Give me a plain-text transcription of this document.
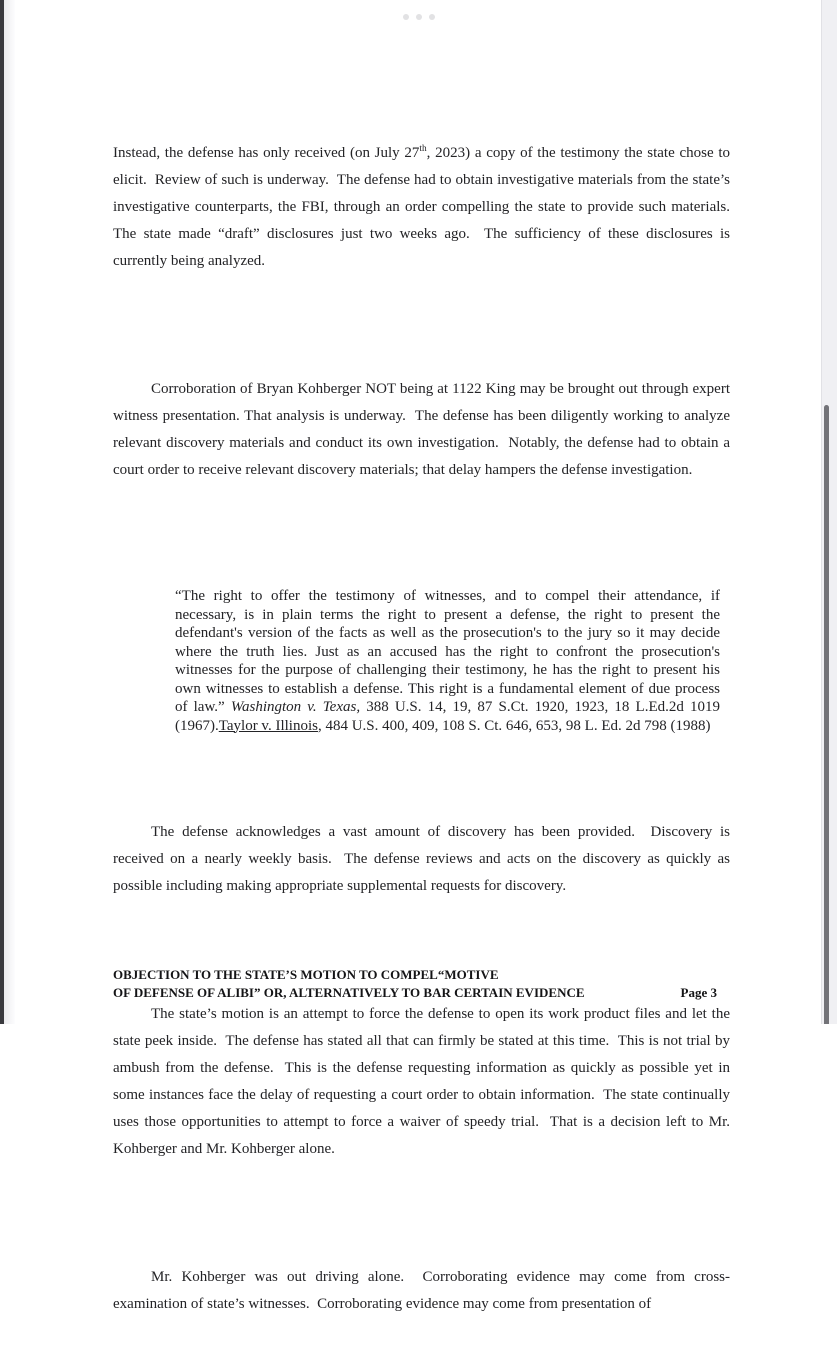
Instead, the defense has only received (on July 27th, 2023) a copy of the testimony the state chose to elicit.  Review of such is underway.  The defense had to obtain investigative materials from the state’s investigative counterparts, the FBI, through an order compelling the state to provide such materials.  The state made “draft” disclosures just two weeks ago.  The sufficiency of these disclosures is currently being analyzed.

Corroboration of Bryan Kohberger NOT being at 1122 King may be brought out through expert witness presentation. That analysis is underway.  The defense has been diligently working to analyze relevant discovery materials and conduct its own investigation.  Notably, the defense had to obtain a court order to receive relevant discovery materials; that delay hampers the defense investigation.

“The right to offer the testimony of witnesses, and to compel their attendance, if necessary, is in plain terms the right to present a defense, the right to present the defendant's version of the facts as well as the prosecution's to the jury so it may decide where the truth lies. Just as an accused has the right to confront the prosecution's witnesses for the purpose of challenging their testimony, he has the right to present his own witnesses to establish a defense. This right is a fundamental element of due process of law.” Washington v. Texas, 388 U.S. 14, 19, 87 S.Ct. 1920, 1923, 18 L.Ed.2d 1019 (1967).Taylor v. Illinois, 484 U.S. 400, 409, 108 S. Ct. 646, 653, 98 L. Ed. 2d 798 (1988)

The defense acknowledges a vast amount of discovery has been provided.  Discovery is received on a nearly weekly basis.  The defense reviews and acts on the discovery as quickly as possible including making appropriate supplemental requests for discovery.

The state’s motion is an attempt to force the defense to open its work product files and let the state peek inside.  The defense has stated all that can firmly be stated at this time.  This is not trial by ambush from the defense.  This is the defense requesting information as quickly as possible yet in some instances face the delay of requesting a court order to obtain information.  The state continually uses those opportunities to attempt to force a waiver of speedy trial.  That is a decision left to Mr. Kohberger and Mr. Kohberger alone.

Mr. Kohberger was out driving alone.  Corroborating evidence may come from cross-examination of state’s witnesses.  Corroborating evidence may come from presentation of

OBJECTION TO THE STATE’S MOTION TO COMPEL“MOTIVE
OF DEFENSE OF ALIBI” OR, ALTERNATIVELY TO BAR CERTAIN EVIDENCE	Page 3
